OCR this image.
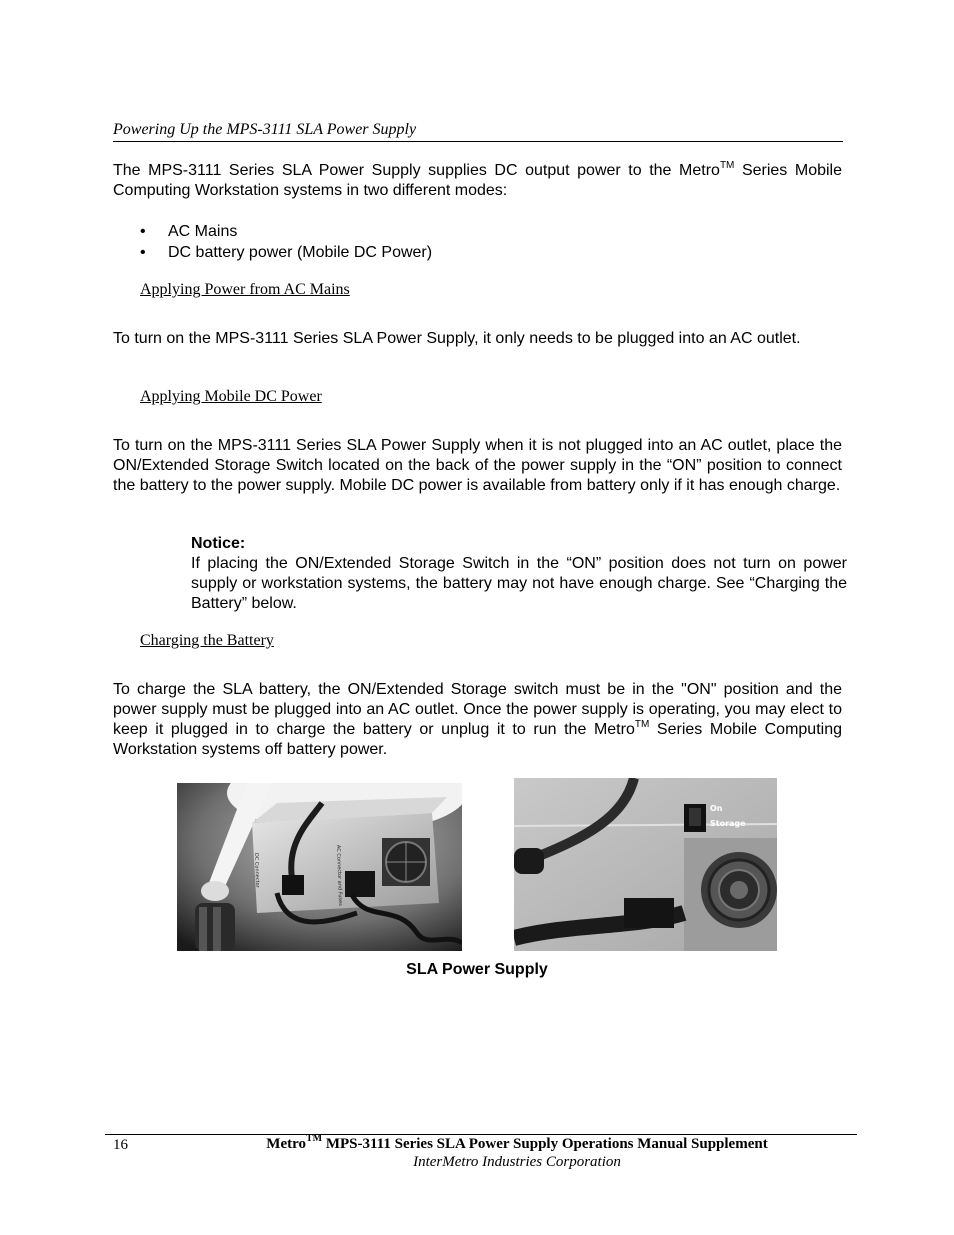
Powering Up the MPS-3111 SLA Power Supply
The MPS-3111 Series SLA Power Supply supplies DC output power to the Metro™ Series Mobile Computing Workstation systems in two different modes:
• AC Mains
• DC battery power (Mobile DC Power)
Applying Power from AC Mains
To turn on the MPS-3111 Series SLA Power Supply, it only needs to be plugged into an AC outlet.
Applying Mobile DC Power
To turn on the MPS-3111 Series SLA Power Supply when it is not plugged into an AC outlet, place the ON/Extended Storage Switch located on the back of the power supply in the “ON” position to connect the battery to the power supply. Mobile DC power is available from battery only if it has enough charge.
Notice:
If placing the ON/Extended Storage Switch in the “ON” position does not turn on power supply or workstation systems, the battery may not have enough charge. See “Charging the Battery” below.
Charging the Battery
To charge the SLA battery, the ON/Extended Storage switch must be in the "ON" position and the power supply must be plugged into an AC outlet. Once the power supply is operating, you may elect to keep it plugged in to charge the battery or unplug it to run the Metro™ Series Mobile Computing Workstation systems off battery power.
DC Connector	AC Connector and Fuses
On
Storage
SLA Power Supply
16	Metro™ MPS-3111 Series SLA Power Supply Operations Manual Supplement
InterMetro Industries Corporation
